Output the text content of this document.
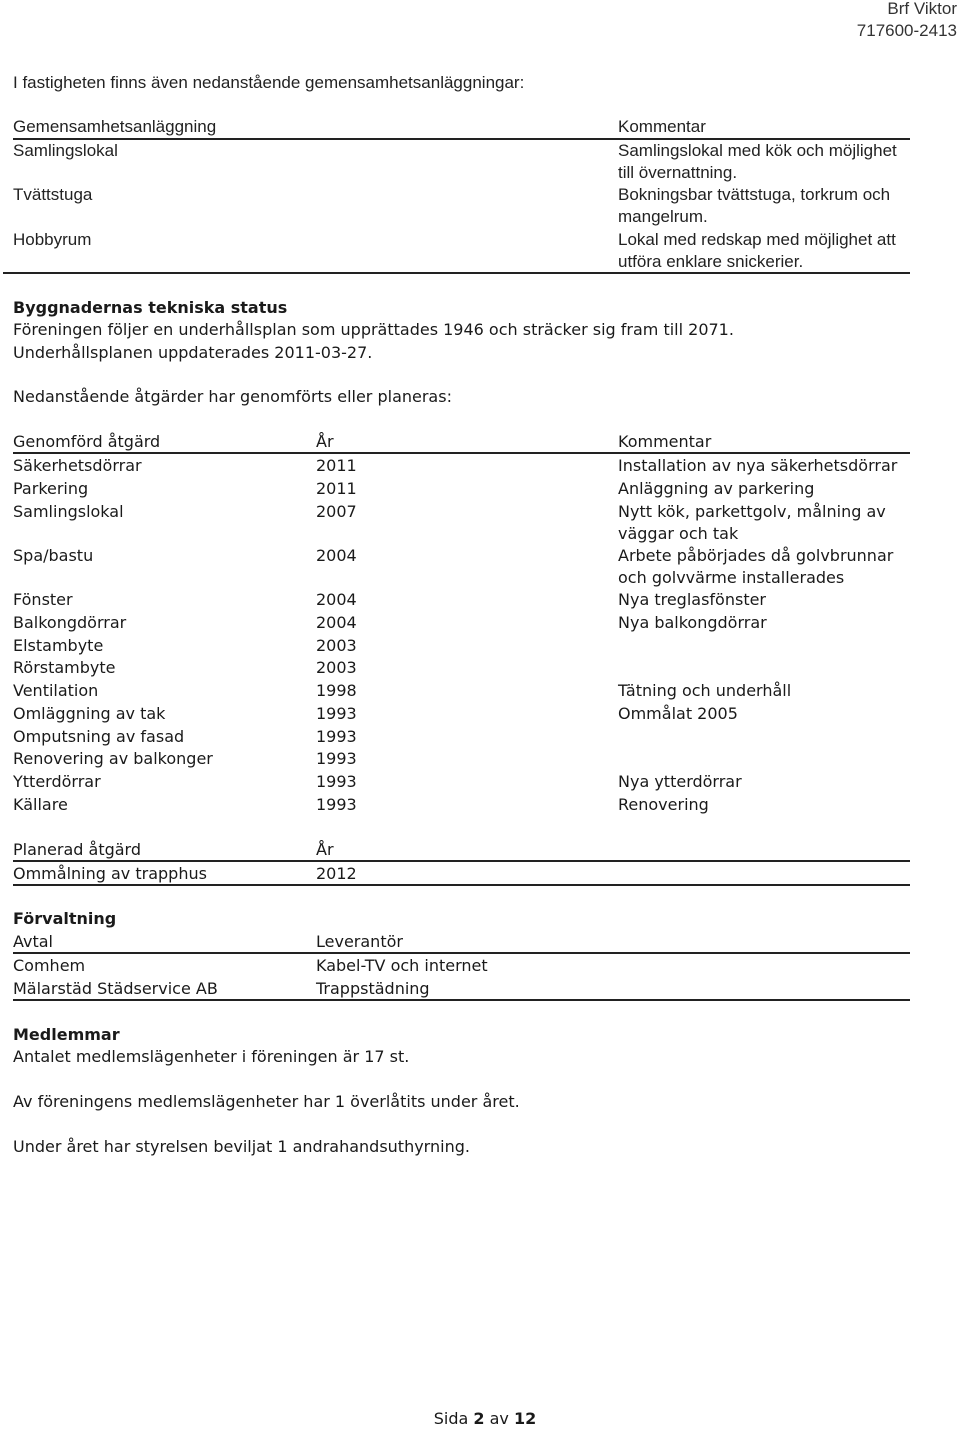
Brf Viktor
717600-2413
I fastigheten finns även nedanstående gemensamhetsanläggningar:
Gemensamhetsanläggning	Kommentar
Samlingslokal	Samlingslokal med kök och möjlighet till övernattning.
Tvättstuga	Bokningsbar tvättstuga, torkrum och mangelrum.
Hobbyrum	Lokal med redskap med möjlighet att utföra enklare snickerier.
Byggnadernas tekniska status
Föreningen följer en underhållsplan som upprättades 1946 och sträcker sig fram till 2071.
Underhållsplanen uppdaterades 2011-03-27.
Nedanstående åtgärder har genomförts eller planeras:
Genomförd åtgärd	År	Kommentar
Säkerhetsdörrar	2011	Installation av nya säkerhetsdörrar
Parkering	2011	Anläggning av parkering
Samlingslokal	2007	Nytt kök, parkettgolv, målning av väggar och tak
Spa/bastu	2004	Arbete påbörjades då golvbrunnar och golvvärme installerades
Fönster	2004	Nya treglasfönster
Balkongdörrar	2004	Nya balkongdörrar
Elstambyte	2003
Rörstambyte	2003
Ventilation	1998	Tätning och underhåll
Omläggning av tak	1993	Ommålat 2005
Omputsning av fasad	1993
Renovering av balkonger	1993
Ytterdörrar	1993	Nya ytterdörrar
Källare	1993	Renovering
Planerad åtgärd	År
Ommålning av trapphus	2012
Förvaltning
Avtal	Leverantör
Comhem	Kabel-TV och internet
Mälarstäd Städservice AB	Trappstädning
Medlemmar
Antalet medlemslägenheter i föreningen är 17 st.
Av föreningens medlemslägenheter har 1 överlåtits under året.
Under året har styrelsen beviljat 1 andrahandsuthyrning.
Sida 2 av 12
